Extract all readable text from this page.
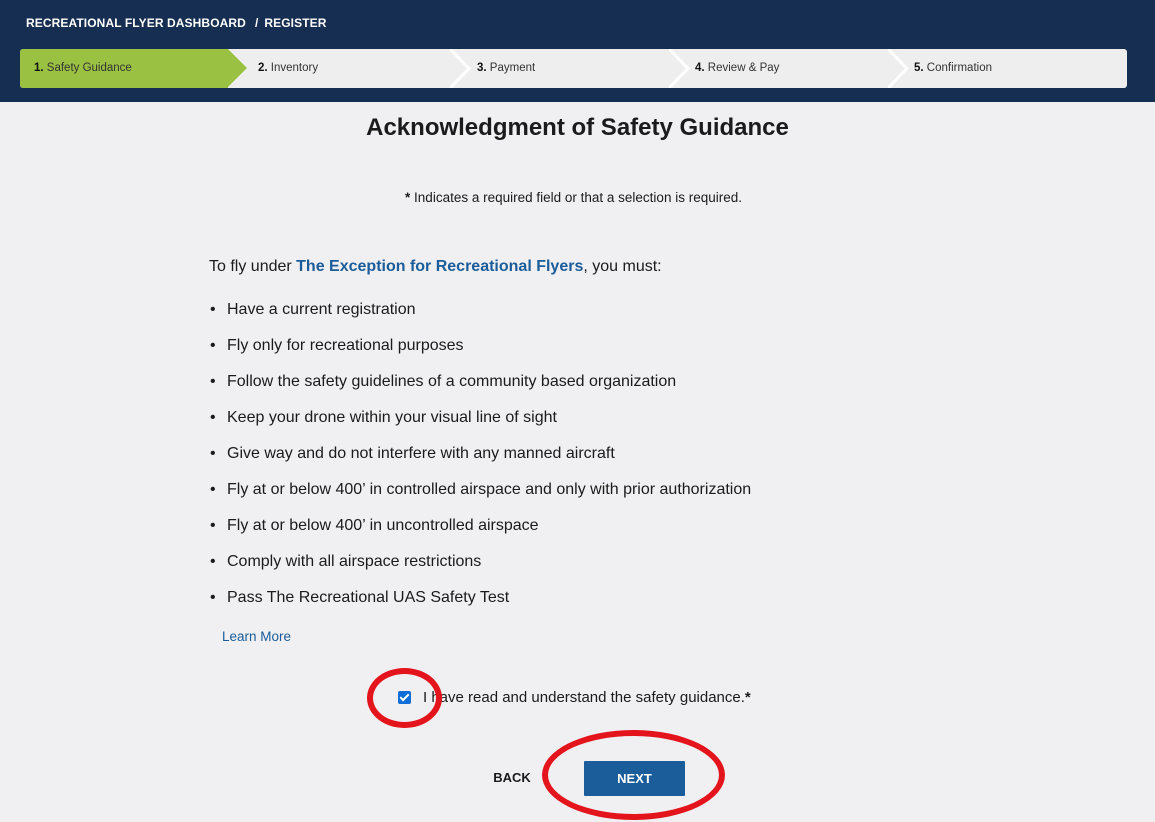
RECREATIONAL FLYER DASHBOARD / REGISTER
1. Safety Guidance	2. Inventory	3. Payment	4. Review & Pay	5. Confirmation
Acknowledgment of Safety Guidance
* Indicates a required field or that a selection is required.
To fly under The Exception for Recreational Flyers, you must:
• Have a current registration
• Fly only for recreational purposes
• Follow the safety guidelines of a community based organization
• Keep your drone within your visual line of sight
• Give way and do not interfere with any manned aircraft
• Fly at or below 400’ in controlled airspace and only with prior authorization
• Fly at or below 400’ in uncontrolled airspace
• Comply with all airspace restrictions
• Pass The Recreational UAS Safety Test
Learn More
I have read and understand the safety guidance.*
BACK	NEXT
